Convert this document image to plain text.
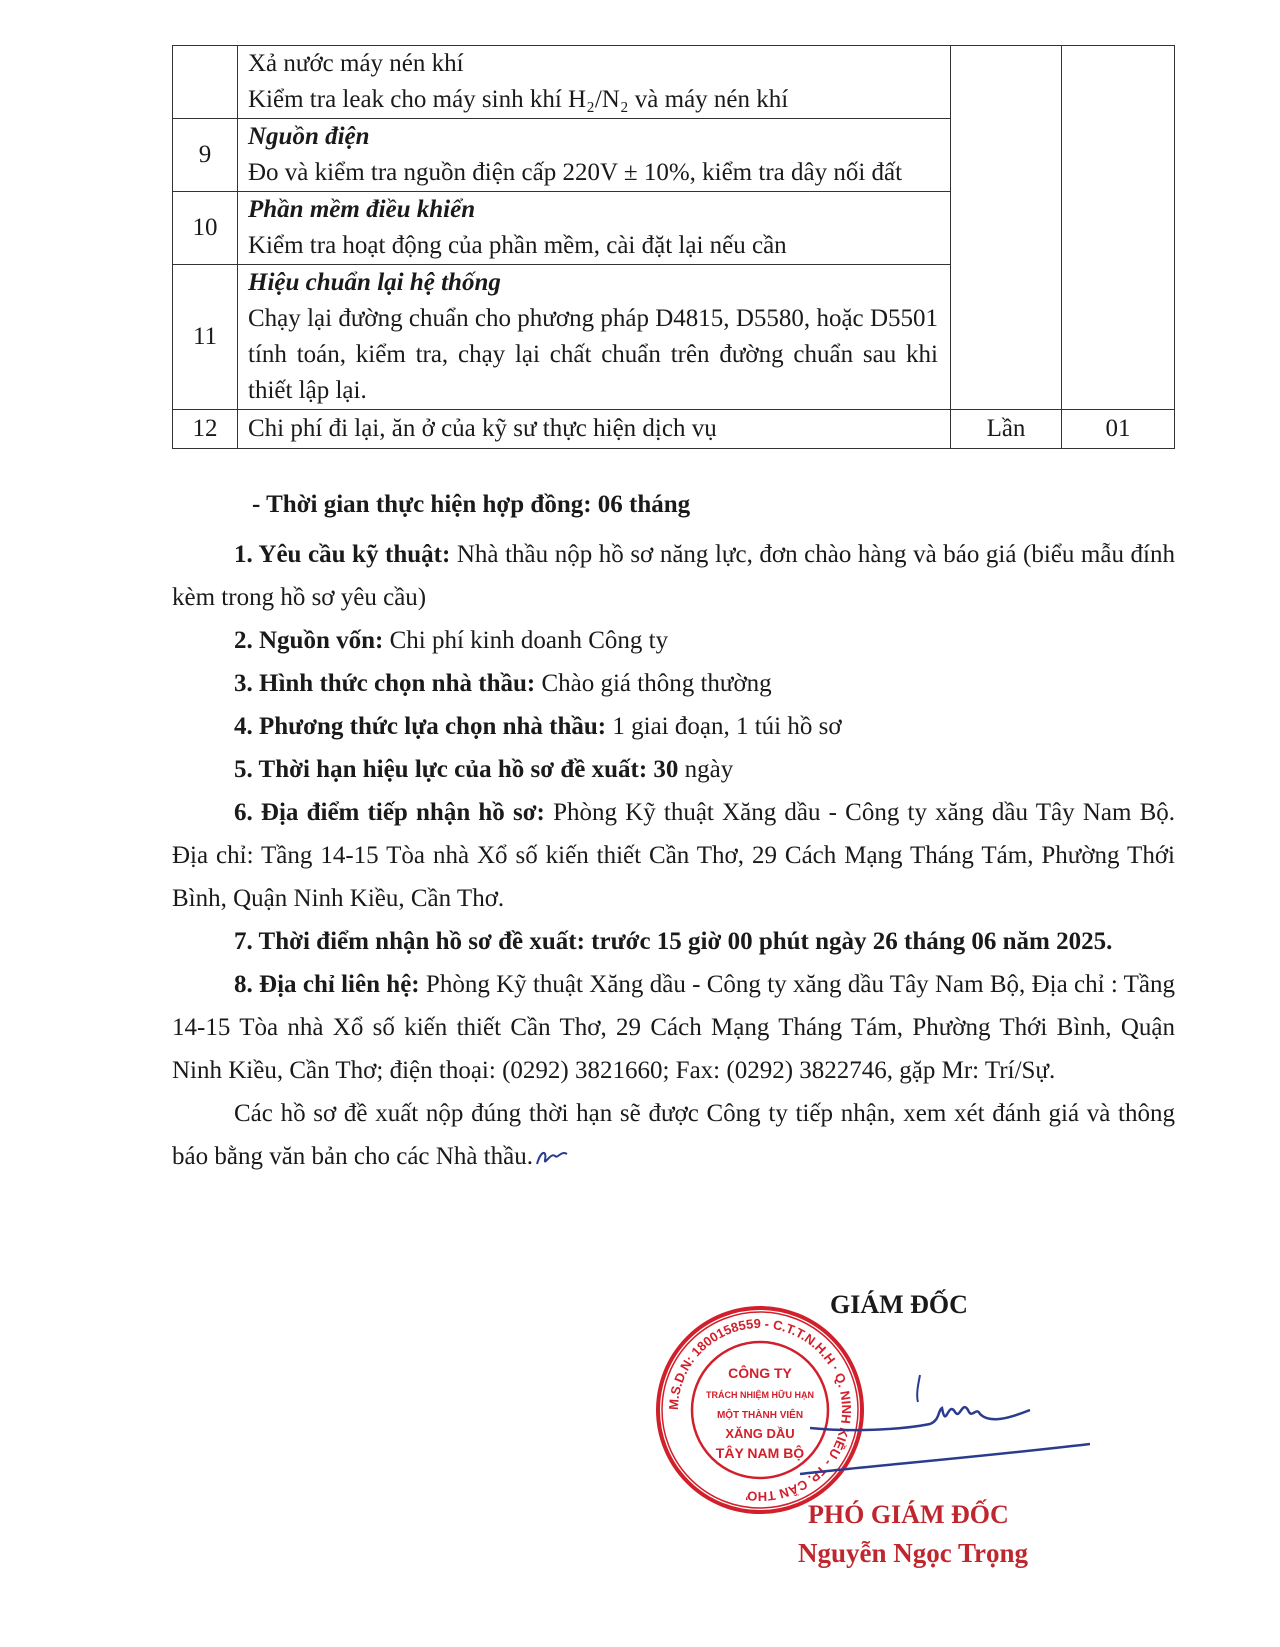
	Xả nước máy nén khí
Kiểm tra leak cho máy sinh khí H₂/N₂ và máy nén khí		

9	Nguồn điện
Đo và kiểm tra nguồn điện cấp 220V ± 10%, kiểm tra dây nối đất		

10	Phần mềm điều khiển
Kiểm tra hoạt động của phần mềm, cài đặt lại nếu cần		

11	Hiệu chuẩn lại hệ thống
Chạy lại đường chuẩn cho phương pháp D4815, D5580, hoặc D5501 tính toán, kiểm tra, chạy lại chất chuẩn trên đường chuẩn sau khi thiết lập lại.		

12	Chi phí đi lại, ăn ở của kỹ sư thực hiện dịch vụ	Lần	01

- Thời gian thực hiện hợp đồng: 06 tháng

1. Yêu cầu kỹ thuật: Nhà thầu nộp hồ sơ năng lực, đơn chào hàng và báo giá (biểu mẫu đính kèm trong hồ sơ yêu cầu)

2. Nguồn vốn: Chi phí kinh doanh Công ty

3. Hình thức chọn nhà thầu: Chào giá thông thường

4. Phương thức lựa chọn nhà thầu: 1 giai đoạn, 1 túi hồ sơ

5. Thời hạn hiệu lực của hồ sơ đề xuất: 30 ngày

6. Địa điểm tiếp nhận hồ sơ: Phòng Kỹ thuật Xăng dầu - Công ty xăng dầu Tây Nam Bộ. Địa chỉ: Tầng 14-15 Tòa nhà Xổ số kiến thiết Cần Thơ, 29 Cách Mạng Tháng Tám, Phường Thới Bình, Quận Ninh Kiều, Cần Thơ.

7. Thời điểm nhận hồ sơ đề xuất: trước 15 giờ 00 phút ngày 26 tháng 06 năm 2025.

8. Địa chỉ liên hệ: Phòng Kỹ thuật Xăng dầu - Công ty xăng dầu Tây Nam Bộ, Địa chỉ : Tầng 14-15 Tòa nhà Xổ số kiến thiết Cần Thơ, 29 Cách Mạng Tháng Tám, Phường Thới Bình, Quận Ninh Kiều, Cần Thơ; điện thoại: (0292) 3821660; Fax: (0292) 3822746, gặp Mr: Trí/Sự.

Các hồ sơ đề xuất nộp đúng thời hạn sẽ được Công ty tiếp nhận, xem xét đánh giá và thông báo bằng văn bản cho các Nhà thầu.

GIÁM ĐỐC
M.S.D.N: 1800158559 - C.T.T.N.H.H · Q. NINH KIỀU - TP. CẦN THƠ
CÔNG TY
TRÁCH NHIỆM HỮU HẠN
MỘT THÀNH VIÊN
XĂNG DẦU
TÂY NAM BỘ
PHÓ GIÁM ĐỐC
Nguyễn Ngọc Trọng
